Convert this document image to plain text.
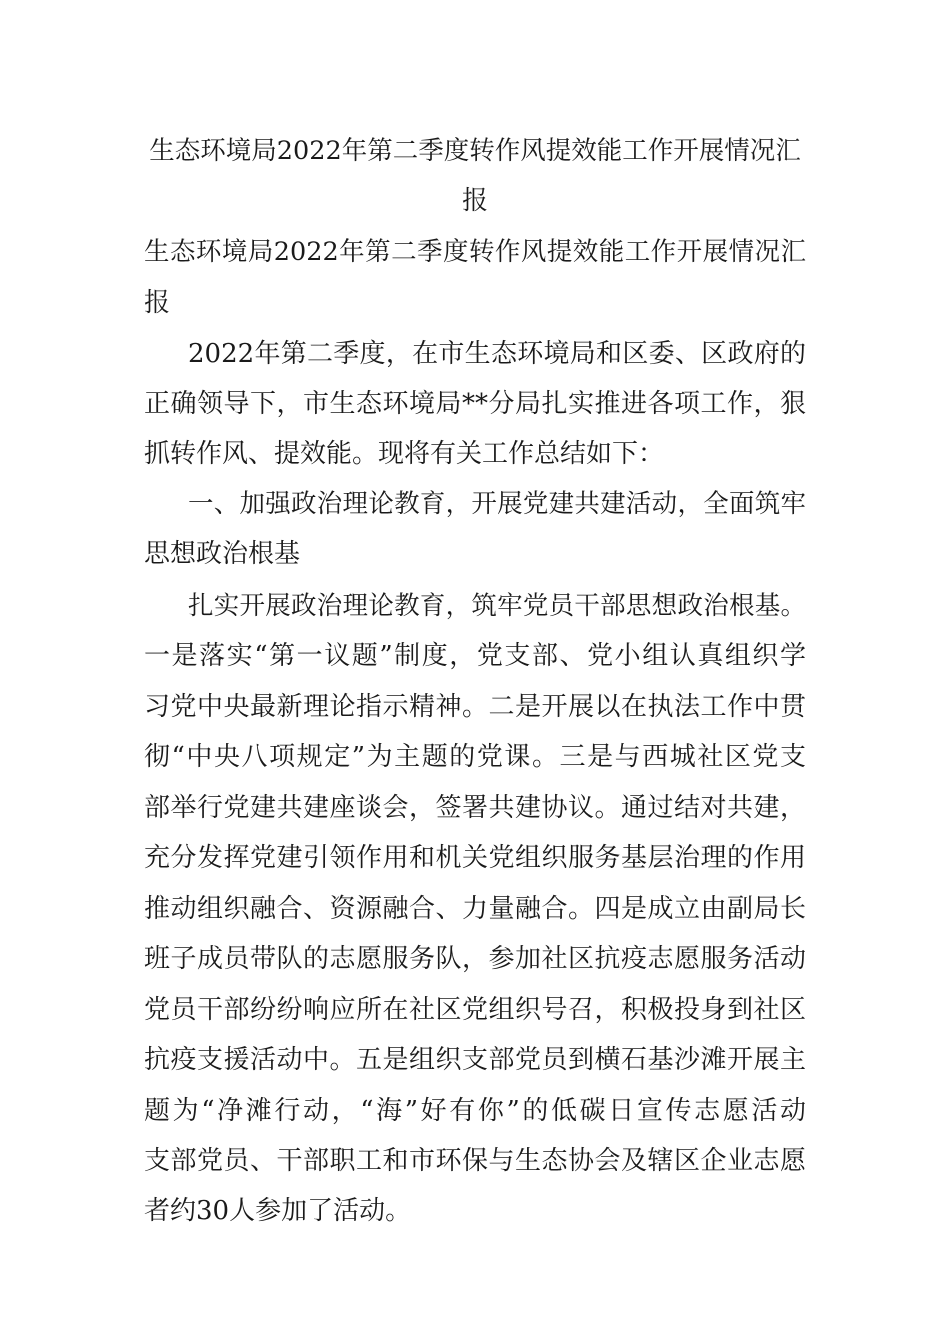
生态环境局2022年第二季度转作风提效能工作开展情况汇
报
生态环境局2022年第二季度转作风提效能工作开展情况汇
报
2022年第二季度，在市生态环境局和区委、区政府的
正确领导下，市生态环境局**分局扎实推进各项工作，狠
抓转作风、提效能。现将有关工作总结如下：
一、加强政治理论教育，开展党建共建活动，全面筑牢
思想政治根基
扎实开展政治理论教育，筑牢党员干部思想政治根基。
一是落实“第一议题”制度，党支部、党小组认真组织学
习党中央最新理论指示精神。二是开展以在执法工作中贯
彻“中央八项规定”为主题的党课。三是与西城社区党支
部举行党建共建座谈会，签署共建协议。通过结对共建，
充分发挥党建引领作用和机关党组织服务基层治理的作用
推动组织融合、资源融合、力量融合。四是成立由副局长
班子成员带队的志愿服务队，参加社区抗疫志愿服务活动
党员干部纷纷响应所在社区党组织号召，积极投身到社区
抗疫支援活动中。五是组织支部党员到横石基沙滩开展主
题为“净滩行动，“海”好有你”的低碳日宣传志愿活动
支部党员、干部职工和市环保与生态协会及辖区企业志愿
者约30人参加了活动。
